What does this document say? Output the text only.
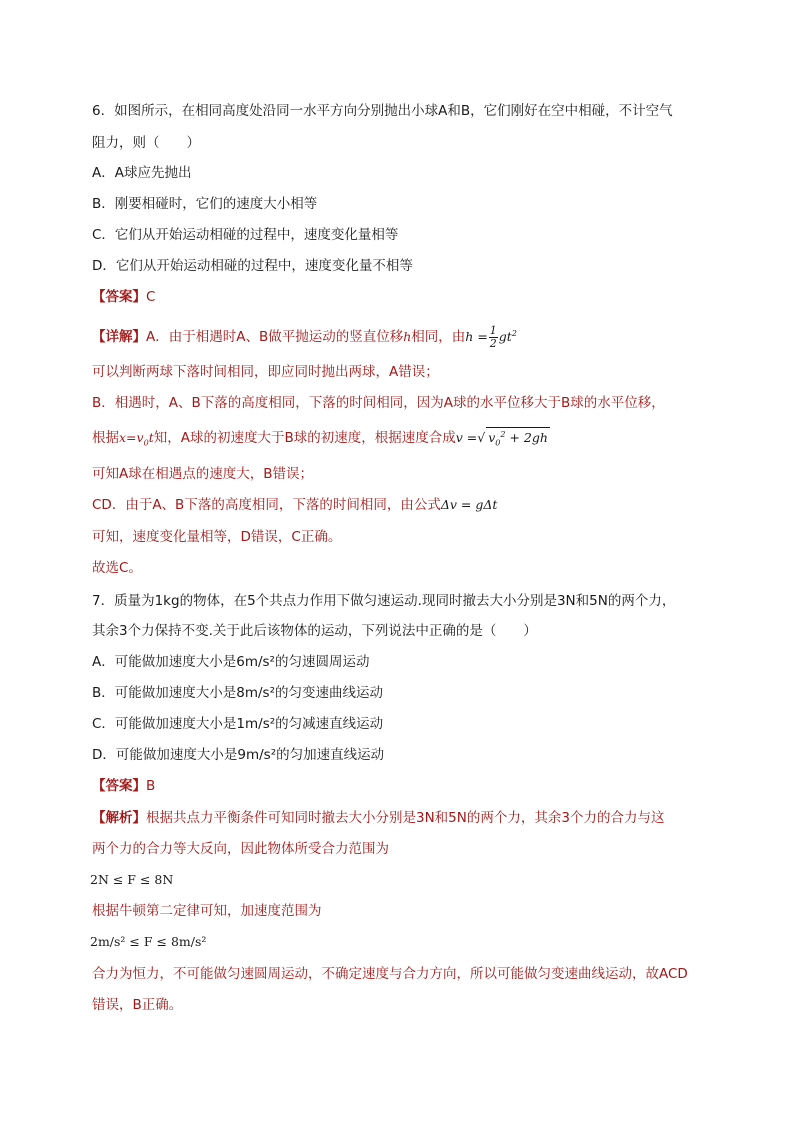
6．如图所示，在相同高度处沿同一水平方向分别抛出小球A和B，它们刚好在空中相碰，不计空气
阻力，则（　　）
A．A球应先抛出
B．刚要相碰时，它们的速度大小相等
C．它们从开始运动相碰的过程中，速度变化量相等
D．它们从开始运动相碰的过程中，速度变化量不相等
【答案】C
【详解】A．由于相遇时A、B做平抛运动的竖直位移h相同，由$h = \frac{1}{2} gt^2$
可以判断两球下落时间相同，即应同时抛出两球，A错误；
B．相遇时，A、B下落的高度相同，下落的时间相同，因为A球的水平位移大于B球的水平位移，
根据$x=v_0t$知，A球的初速度大于B球的初速度，根据速度合成v =√ $v_0^2 + 2gh$
可知A球在相遇点的速度大，B错误；
CD．由于A、B下落的高度相同，下落的时间相同，由公式Δv = gΔt
可知，速度变化量相等，D错误，C正确。
故选C。
7．质量为1kg的物体，在5个共点力作用下做匀速运动.现同时撤去大小分别是3N和5N的两个力，
其余3个力保持不变.关于此后该物体的运动，下列说法中正确的是（　　）
A．可能做加速度大小是6m/s²的匀速圆周运动
B．可能做加速度大小是8m/s²的匀变速曲线运动
C．可能做加速度大小是1m/s²的匀减速直线运动
D．可能做加速度大小是9m/s²的匀加速直线运动
【答案】B
【解析】根据共点力平衡条件可知同时撤去大小分别是3N和5N的两个力，其余3个力的合力与这
两个力的合力等大反向，因此物体所受合力范围为
2N ≤ F ≤ 8N
根据牛顿第二定律可知，加速度范围为
2m/s² ≤ F ≤ 8m/s²
合力为恒力，不可能做匀速圆周运动，不确定速度与合力方向，所以可能做匀变速曲线运动，故ACD
错误，B正确。
